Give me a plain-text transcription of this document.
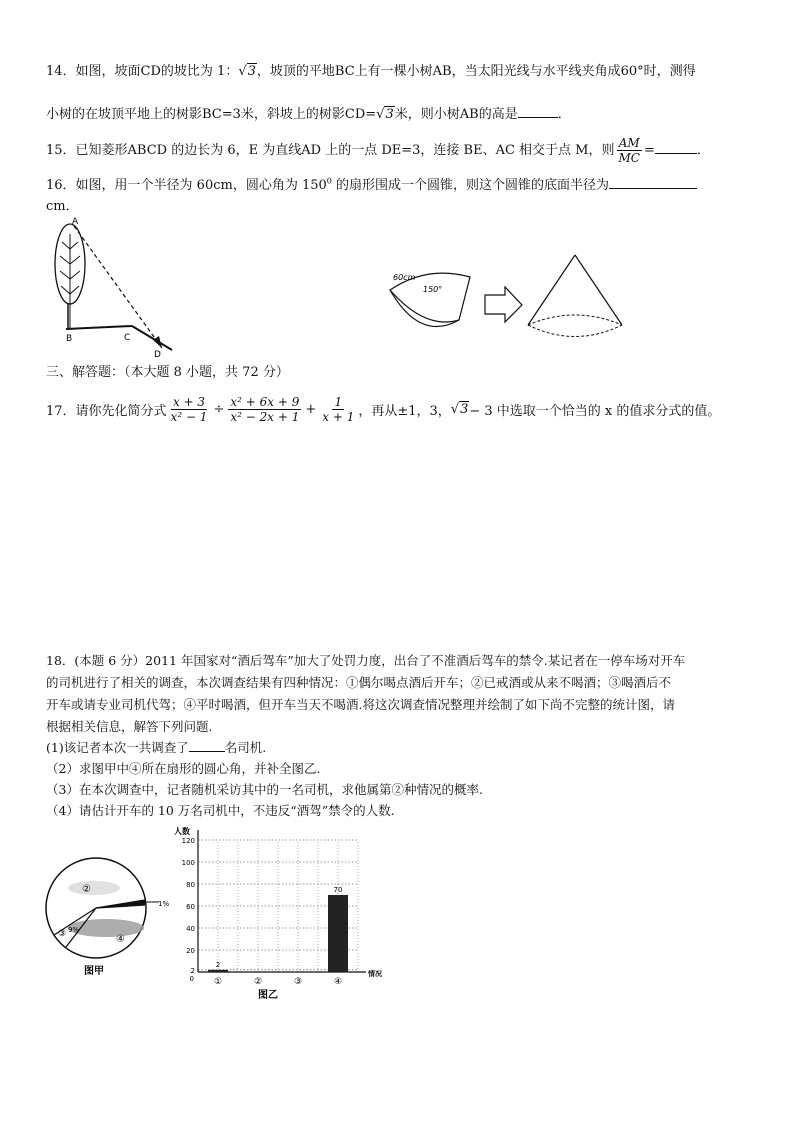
14．如图，坡面CD的坡比为 1：√3，坡顶的平地BC上有一棵小树AB，当太阳光线与水平线夹角成60°时，测得
小树的在坡顶平地上的树影BC=3米，斜坡上的树影CD=√3米，则小树AB的高是	．
15．已知菱形ABCD 的边长为 6，E 为直线AD 上的一点 DE=3，连接 BE、AC 相交于点 M，则 $\frac{AM}{MC}$ =	．
16．如图，用一个半径为 60cm，圆心角为 $150^0$ 的扇形围成一个圆锥，则这个圆锥的底面半径为
cm．
A
B	C
D
60cm
150°
三、解答题：（本大题 8 小题，共 72 分）
17．请你先化简分式 $\frac{x + 3}{\text{x² − 1}} \div \frac{\text{x² + 6x + 9}}{\text{x² − 2x + 1}} + \frac{1}{x + 1}$ ，再从±1，3， √3 − 3 中选取一个恰当的 x 的值求分式的值。
18．(本题 6 分）2011 年国家对“酒后驾车”加大了处罚力度，出台了不准酒后驾车的禁令.某记者在一停车场对开车
的司机进行了相关的调查，本次调查结果有四种情况：①偶尔喝点酒后开车；②已戒酒或从来不喝酒；③喝酒后不
开车或请专业司机代驾；④平时喝酒，但开车当天不喝酒.将这次调查情况整理并绘制了如下尚不完整的统计图，请
根据相关信息，解答下列问题.
(1)该记者本次一共调查了	名司机.
（2）求图甲中④所在扇形的圆心角，并补全图乙.
（3）在本次调查中，记者随机采访其中的一名司机，求他属第②种情况的概率.
（4）请估计开车的 10 万名司机中，不违反“酒驾”禁令的人数.
1%
②
③ 9%
④
图甲	2
20
40
60
80
100
120
0
人数
情况
①
2
②	③	④
70
图乙
